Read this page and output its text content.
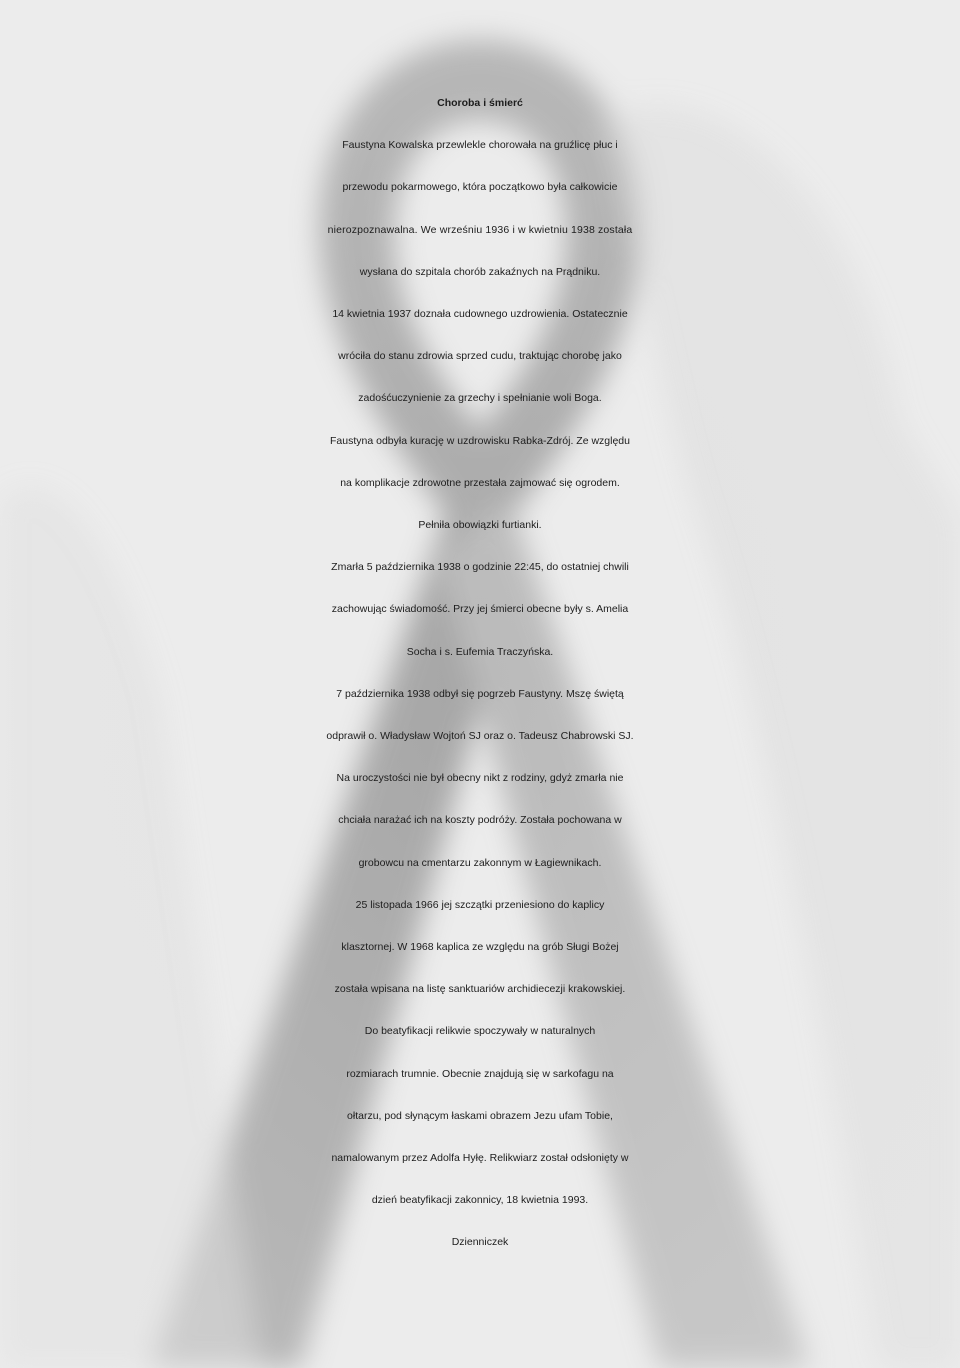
Choroba i śmierć
Faustyna Kowalska przewlekle chorowała na gruźlicę płuc i
przewodu pokarmowego, która początkowo była całkowicie
nierozpoznawalna. We wrześniu 1936 i w kwietniu 1938 została
wysłana do szpitala chorób zakaźnych na Prądniku.
14 kwietnia 1937 doznała cudownego uzdrowienia. Ostatecznie
wróciła do stanu zdrowia sprzed cudu, traktując chorobę jako
zadośćuczynienie za grzechy i spełnianie woli Boga.
Faustyna odbyła kurację w uzdrowisku Rabka-Zdrój. Ze względu
na komplikacje zdrowotne przestała zajmować się ogrodem.
Pełniła obowiązki furtianki.
Zmarła 5 października 1938 o godzinie 22:45, do ostatniej chwili
zachowując świadomość. Przy jej śmierci obecne były s. Amelia
Socha i s. Eufemia Traczyńska.
7 października 1938 odbył się pogrzeb Faustyny. Mszę świętą
odprawił o. Władysław Wojtoń SJ oraz o. Tadeusz Chabrowski SJ.
Na uroczystości nie był obecny nikt z rodziny, gdyż zmarła nie
chciała narażać ich na koszty podróży. Została pochowana w
grobowcu na cmentarzu zakonnym w Łagiewnikach.
25 listopada 1966 jej szczątki przeniesiono do kaplicy
klasztornej. W 1968 kaplica ze względu na grób Sługi Bożej
została wpisana na listę sanktuariów archidiecezji krakowskiej.
Do beatyfikacji relikwie spoczywały w naturalnych
rozmiarach trumnie. Obecnie znajdują się w sarkofagu na
ołtarzu, pod słynącym łaskami obrazem Jezu ufam Tobie,
namalowanym przez Adolfa Hyłę. Relikwiarz został odsłonięty w
dzień beatyfikacji zakonnicy, 18 kwietnia 1993.
Dzienniczek
